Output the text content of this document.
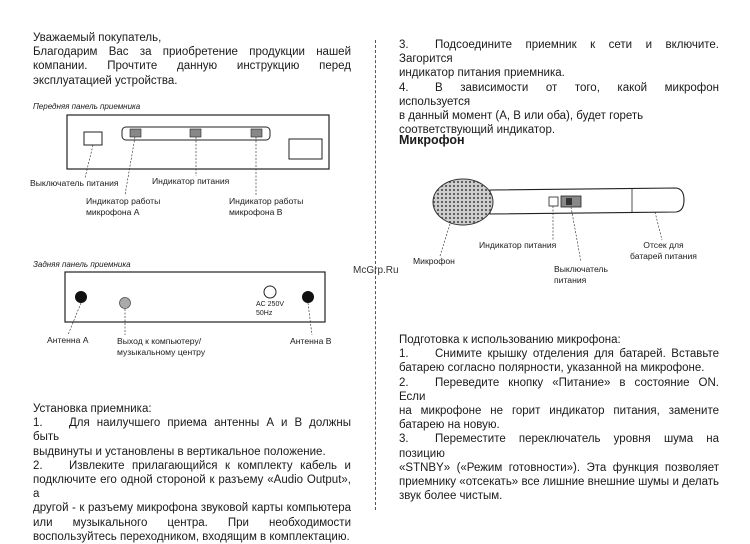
Уважаемый покупатель,
Благодарим Вас за приобретение продукции нашей
компании. Прочтите данную инструкцию перед
эксплуатацией устройства.
Передняя панель приемника
Выключатель питания	Индикатор питания
Индикатор работы
микрофона A
Индикатор работы
микрофона B
Задняя панель приемника
AC 250V
50Hz
Антенна А	Выход к компьютеру/
музыкальному центру
Антенна В
Установка приемника:
1. Для наилучшего приема антенны А и В должны быть
выдвинуты и установлены в вертикальное положение.
2. Извлеките прилагающийся к комплекту кабель и
подключите его одной стороной к разъему «Audio Output», а
другой - к разъему микрофона звуковой карты компьютера
или музыкального центра. При необходимости
воспользуйтесь переходником, входящим в комплектацию.
3. Подсоедините приемник к сети и включите. Загорится
индикатор питания приемника.
4. В зависимости от того, какой микрофон используется
в данный момент (А, В или оба), будет гореть
соответствующий индикатор.
Микрофон
Микрофон
Индикатор питания
Выключатель
питания
Отсек для
батарей питания
McGrp.Ru
Подготовка к использованию микрофона:
1. Снимите крышку отделения для батарей. Вставьте
батарею согласно полярности, указанной на микрофоне.
2. Переведите кнопку «Питание» в состояние ON. Если
на микрофоне не горит индикатор питания, замените
батарею на новую.
3. Переместите переключатель уровня шума на позицию
«STNBY» («Режим готовности»). Эта функция позволяет
приемнику «отсекать» все лишние внешние шумы и делать
звук более чистым.
